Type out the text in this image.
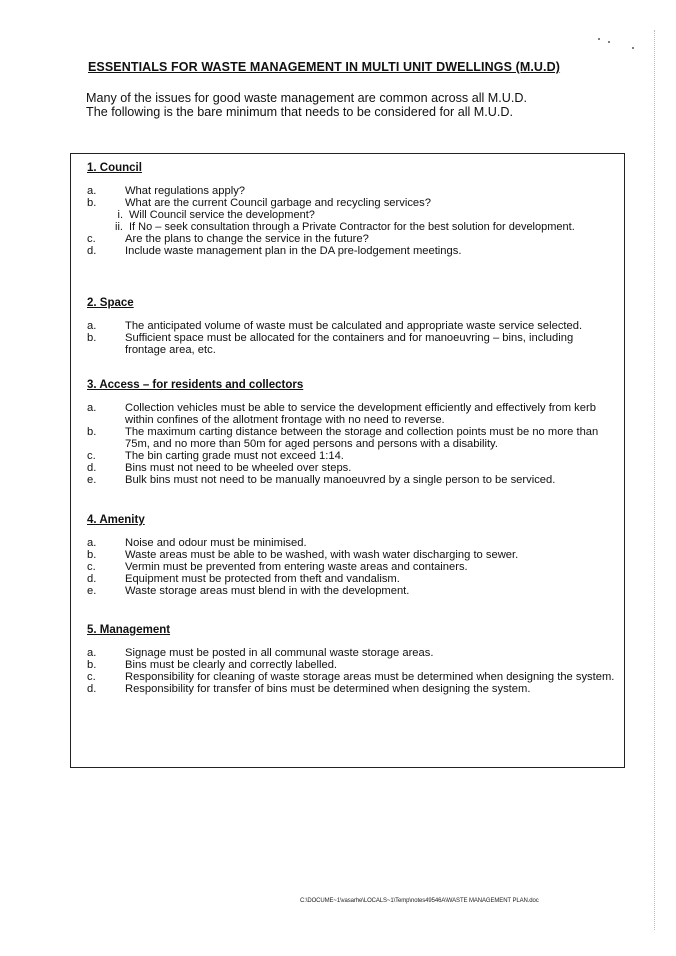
ESSENTIALS FOR WASTE MANAGEMENT IN MULTI UNIT DWELLINGS (M.U.D)
Many of the issues for good waste management are common across all M.U.D.
The following is the bare minimum that needs to be considered for all M.U.D.
1. Council
a.	What regulations apply?
b.	What are the current Council garbage and recycling services?
i. Will Council service the development?
ii. If No – seek consultation through a Private Contractor for the best solution for development.
c.	Are the plans to change the service in the future?
d.	Include waste management plan in the DA pre-lodgement meetings.
2. Space
a.	The anticipated volume of waste must be calculated and appropriate waste service selected.
b.	Sufficient space must be allocated for the containers and for manoeuvring – bins, including frontage area, etc.
3. Access – for residents and collectors
a.	Collection vehicles must be able to service the development efficiently and effectively from kerb within confines of the allotment frontage with no need to reverse.
b.	The maximum carting distance between the storage and collection points must be no more than 75m, and no more than 50m for aged persons and persons with a disability.
c.	The bin carting grade must not exceed 1:14.
d.	Bins must not need to be wheeled over steps.
e.	Bulk bins must not need to be manually manoeuvred by a single person to be serviced.
4. Amenity
a.	Noise and odour must be minimised.
b.	Waste areas must be able to be washed, with wash water discharging to sewer.
c.	Vermin must be prevented from entering waste areas and containers.
d.	Equipment must be protected from theft and vandalism.
e.	Waste storage areas must blend in with the development.
5. Management
a.	Signage must be posted in all communal waste storage areas.
b.	Bins must be clearly and correctly labelled.
c.	Responsibility for cleaning of waste storage areas must be determined when designing the system.
d.	Responsibility for transfer of bins must be determined when designing the system.
C:\DOCUME~1\vasarhe\LOCALS~1\Temp\notes49546A\WASTE MANAGEMENT PLAN.doc
